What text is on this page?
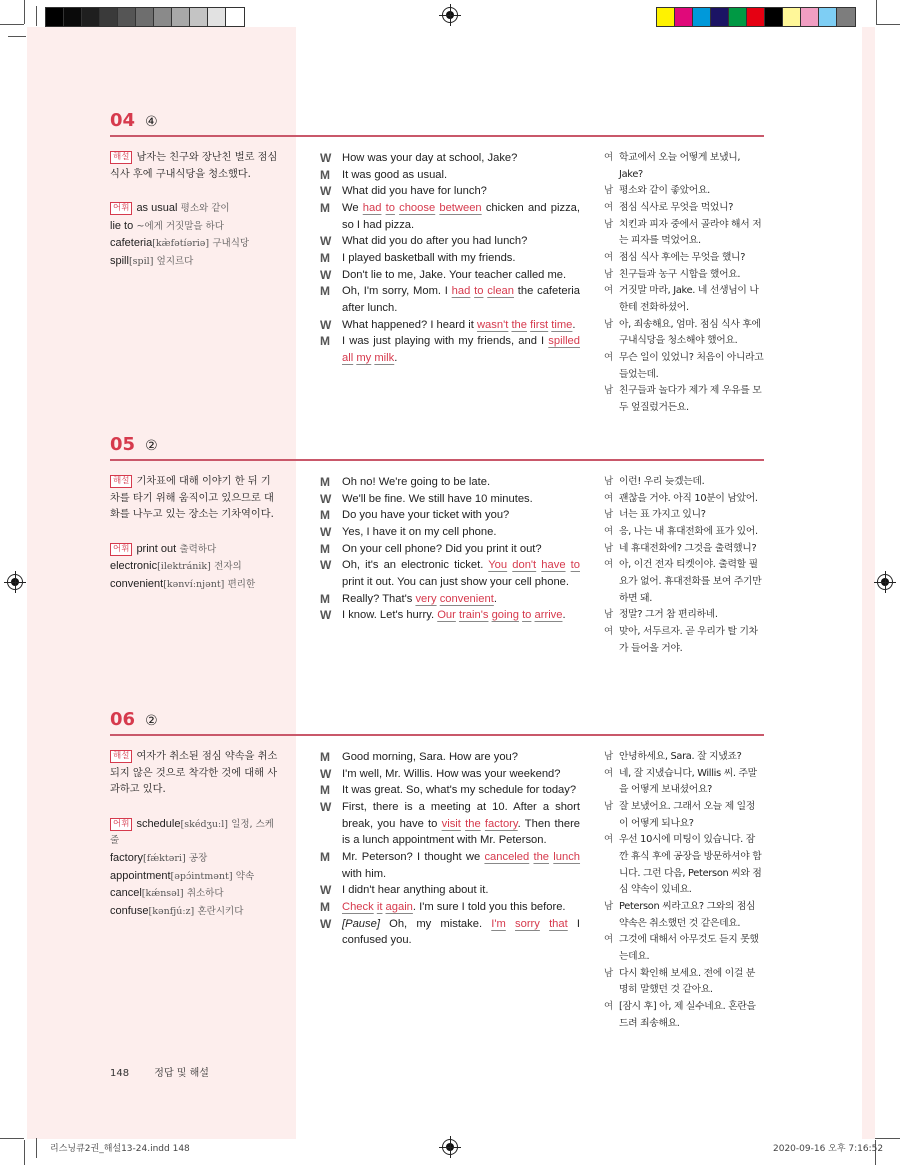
리스닝큐2권_해설13-24.indd 148	2020-09-16 오후 7:16:52
04 ④
해설 남자는 친구와 장난친 벌로 점심 식사 후에 구내식당을 청소했다.
어휘 as usual 평소와 같이
lie to ~에게 거짓말을 하다
cafeteria[kæ̀fətíəriə] 구내식당
spill[spil] 엎지르다
W How was your day at school, Jake?
M	It was good as usual.
W What did you have for lunch?
M	We had to choose between chicken and pizza, so I had pizza.
W What did you do after you had lunch?
M	I played basketball with my friends.
W Don't lie to me, Jake. Your teacher called me.
M	Oh, I'm sorry, Mom. I had to clean the cafeteria after lunch.
W What happened? I heard it wasn't the first time.
M	I was just playing with my friends, and I spilled all my milk.
여 학교에서 오늘 어떻게 보냈니, Jake?
남 평소와 같이 좋았어요.
여 점심 식사로 무엇을 먹었니?
남 치킨과 피자 중에서 골라야 해서 저는 피자를 먹었어요.
여 점심 식사 후에는 무엇을 했니?
남 친구들과 농구 시합을 했어요.
여 거짓말 마라, Jake. 네 선생님이 나한테 전화하셨어.
남 아, 죄송해요, 엄마. 점심 식사 후에 구내식당을 청소해야 했어요.
여 무슨 일이 있었니? 처음이 아니라고 들었는데.
남 친구들과 놀다가 제가 제 우유를 모두 엎질렀거든요.
05 ②
해설 기차표에 대해 이야기 한 뒤 기차를 타기 위해 움직이고 있으므로 대화를 나누고 있는 장소는 기차역이다.
어휘 print out 출력하다
electronic[ilektránik] 전자의
convenient[kənvíːnjənt] 편리한
M	Oh no! We're going to be late.
W We'll be fine. We still have 10 minutes.
M	Do you have your ticket with you?
W Yes, I have it on my cell phone.
M	On your cell phone? Did you print it out?
W Oh, it's an electronic ticket. You don't have to print it out. You can just show your cell phone.
M	Really? That's very convenient.
W I know. Let's hurry. Our train's going to arrive.
남 이런! 우리 늦겠는데.
여 괜찮을 거야. 아직 10분이 남았어.
남 너는 표 가지고 있니?
여 응, 나는 내 휴대전화에 표가 있어.
남 네 휴대전화에? 그것을 출력했니?
여 아, 이건 전자 티켓이야. 출력할 필요가 없어. 휴대전화를 보여 주기만 하면 돼.
남 정말? 그거 참 편리하네.
여 맞아, 서두르자. 곧 우리가 탈 기차가 들어올 거야.
06 ②
해설 여자가 취소된 점심 약속을 취소되지 않은 것으로 착각한 것에 대해 사과하고 있다.
어휘 schedule[skédʒuːl] 일정, 스케줄
factory[fǽktəri] 공장
appointment[əpɔ́intmənt] 약속
cancel[kǽnsəl] 취소하다
confuse[kənfjúːz] 혼란시키다
M	Good morning, Sara. How are you?
W I'm well, Mr. Willis. How was your weekend?
M	It was great. So, what's my schedule for today?
W First, there is a meeting at 10. After a short break, you have to visit the factory. Then there is a lunch appointment with Mr. Peterson.
M	Mr. Peterson? I thought we canceled the lunch with him.
W I didn't hear anything about it.
M	Check it again. I'm sure I told you this before.
W [Pause] Oh, my mistake. I'm sorry that I confused you.
남 안녕하세요, Sara. 잘 지냈죠?
여 네, 잘 지냈습니다, Willis 씨. 주말을 어떻게 보내셨어요?
남 잘 보냈어요. 그래서 오늘 제 일정이 어떻게 되나요?
여 우선 10시에 미팅이 있습니다. 잠깐 휴식 후에 공장을 방문하셔야 합니다. 그런 다음, Peterson 씨와 점심 약속이 있네요.
남 Peterson 씨라고요? 그와의 점심 약속은 취소했던 것 같은데요.
여 그것에 대해서 아무것도 듣지 못했는데요.
남 다시 확인해 보세요. 전에 이걸 분명히 말했던 것 같아요.
여 [잠시 후] 아, 제 실수네요. 혼란을 드려 죄송해요.
148	정답 및 해설
